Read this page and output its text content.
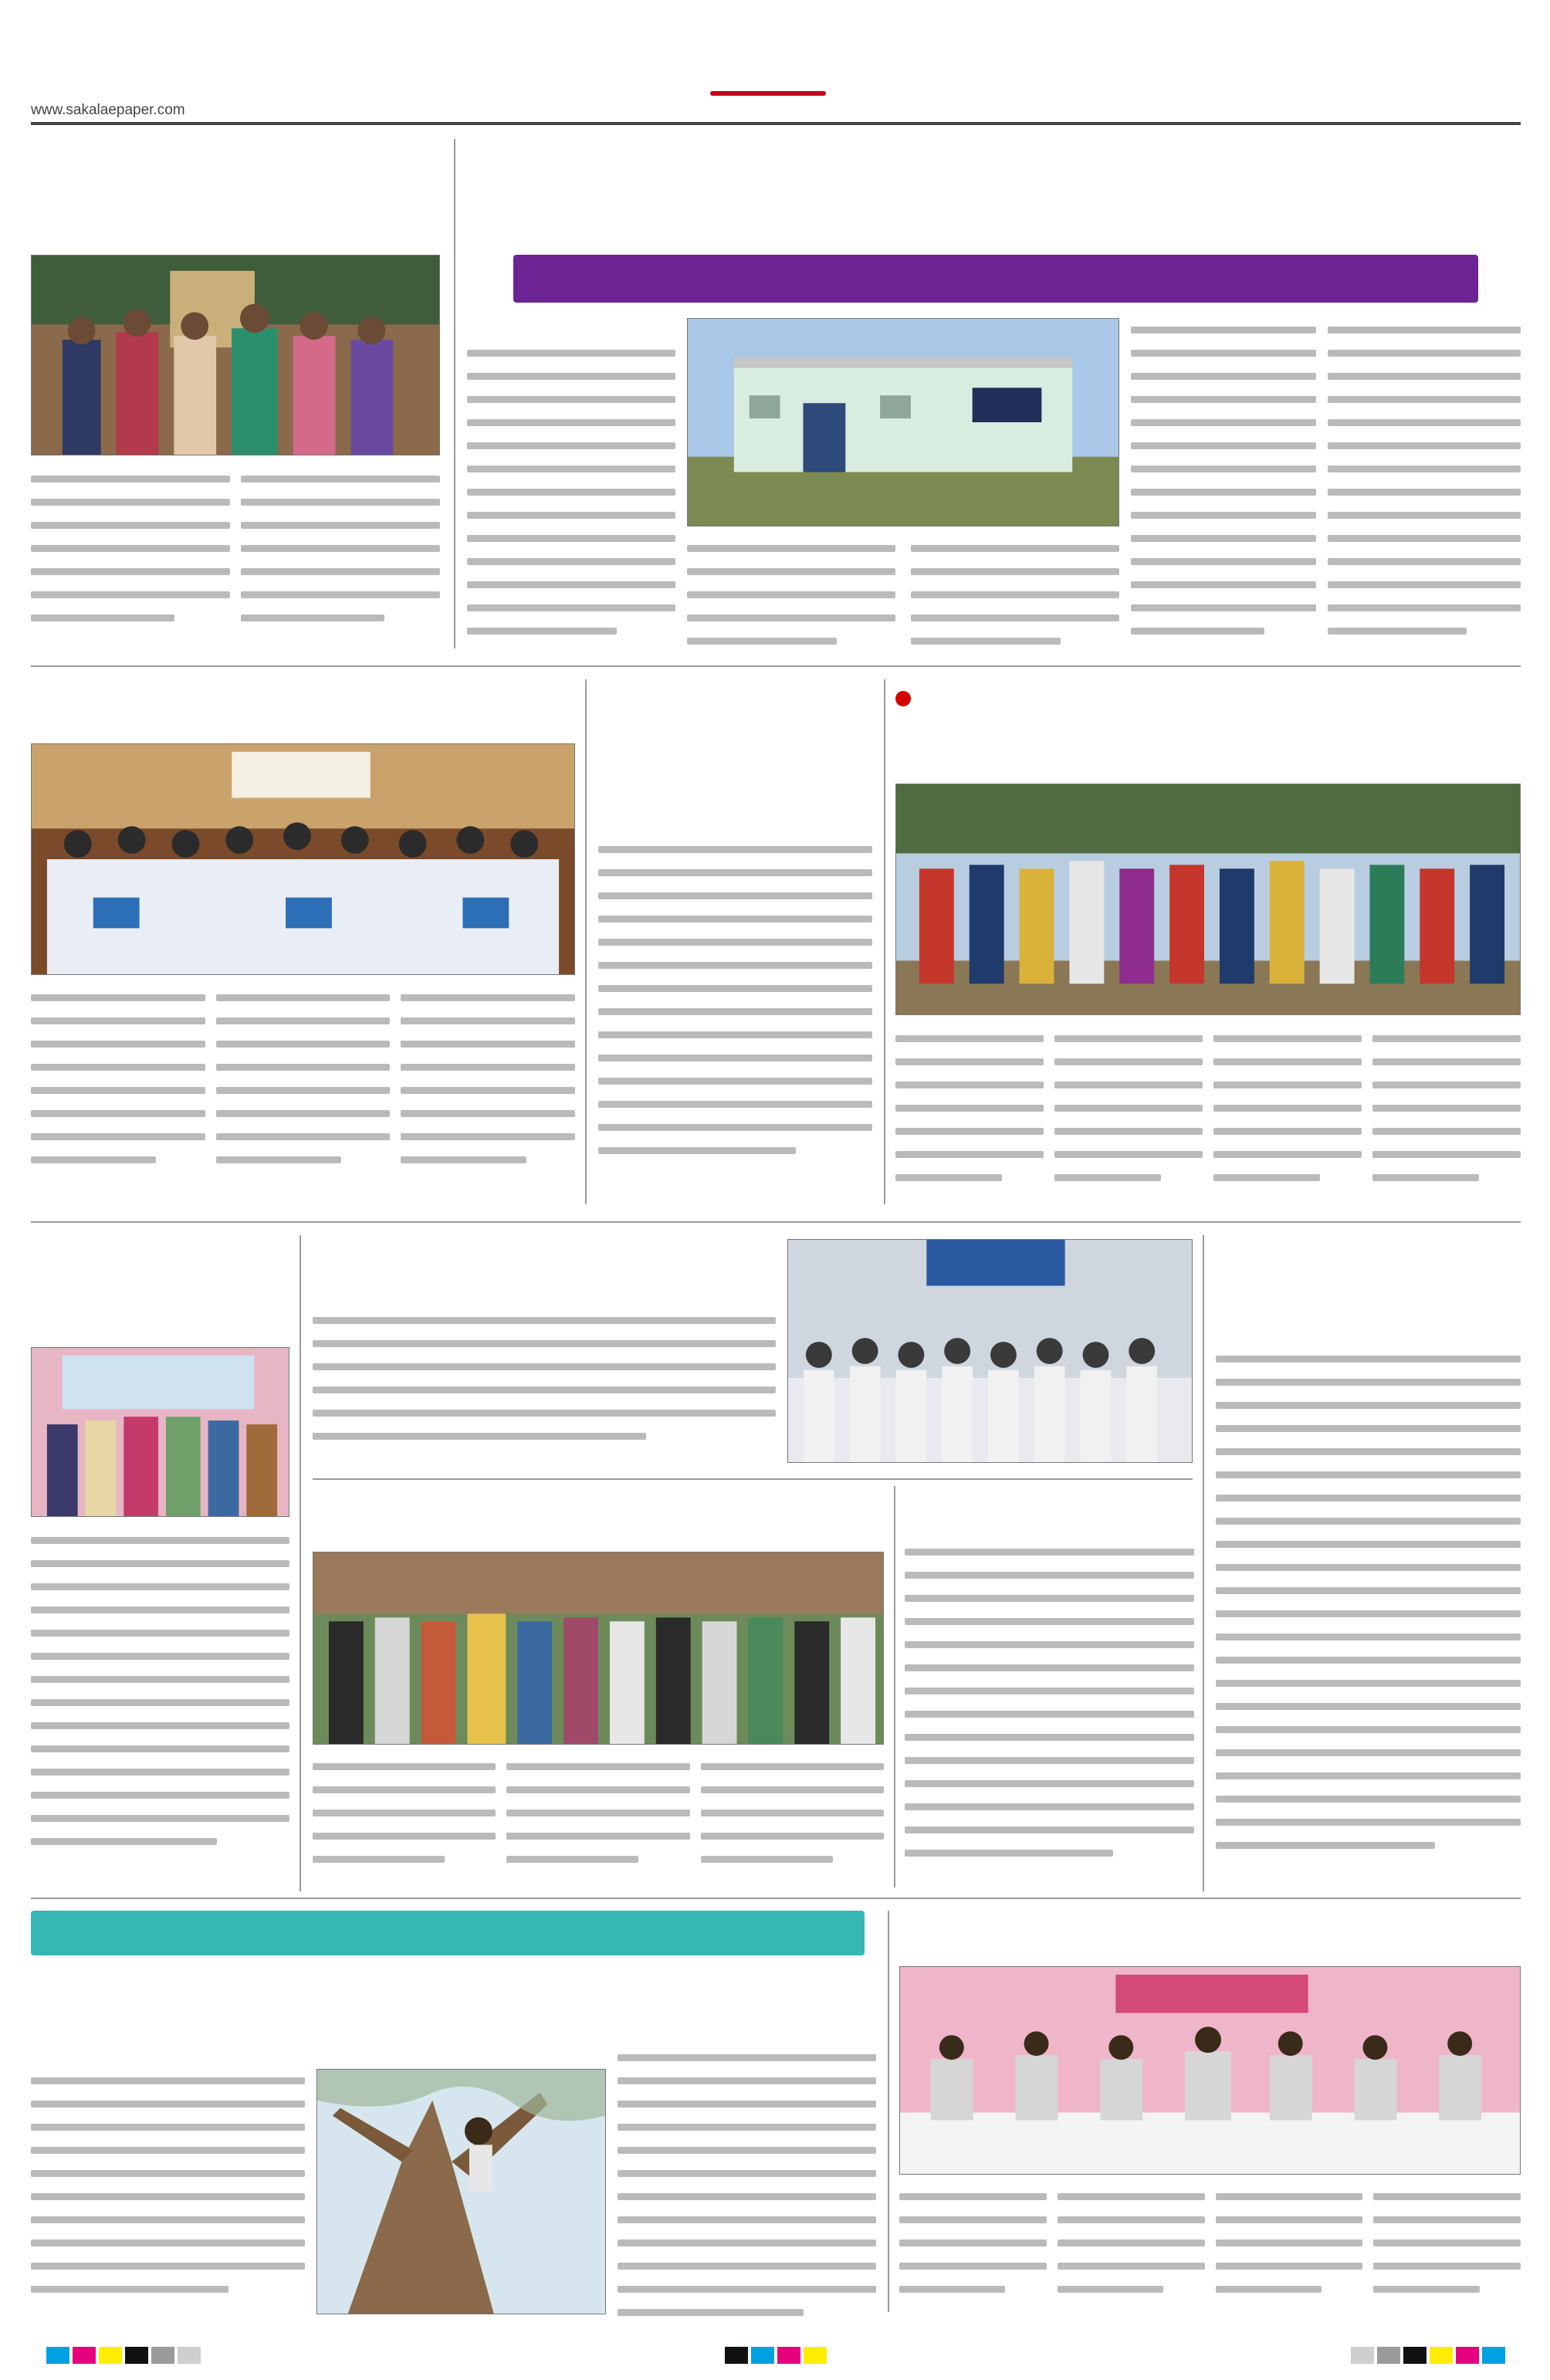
www.sakalaepaper.com
